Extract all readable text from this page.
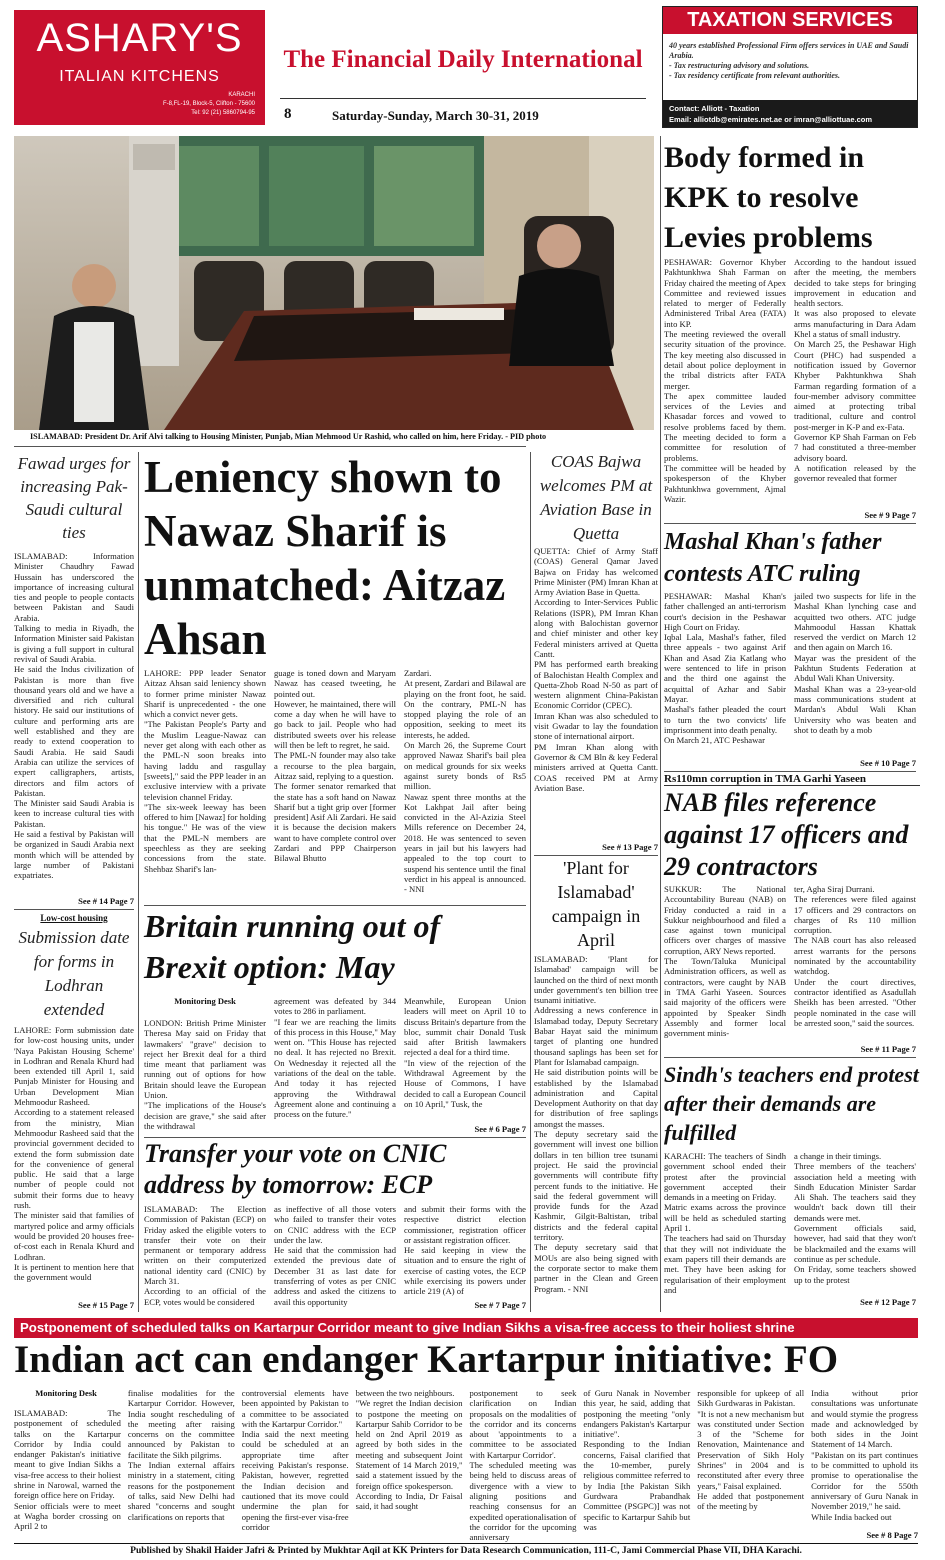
ASHARY'S
ITALIAN KITCHENS
KARACHI
F-8,FL-19, Block-5, Clifton - 75600
Tel: 92 (21) 5860794-95
The Financial Daily International
8	Saturday-Sunday, March 30-31, 2019
TAXATION SERVICES
40 years established Professional Firm offers services in UAE and Saudi Arabia.
- Tax restructuring advisory and solutions.
- Tax residency certificate from relevant authorities.
Contact: Alliott - Taxation
Email: alliotdb@emirates.net.ae or imran@alliottuae.com
ISLAMABAD: President Dr. Arif Alvi talking to Housing Minister, Punjab, Mian Mehmood Ur Rashid, who called on him, here Friday. - PID photo
Body formed in KPK to resolve Levies problems
PESHAWAR: Governor Khyber Pakhtunkhwa Shah Farman on Friday chaired the meeting of Apex Committee and reviewed issues related to merger of Federally Administered Tribal Area (FATA) into KP.
The meeting reviewed the overall security situation of the province. The key meeting also discussed in detail about police deployment in the tribal districts after FATA merger.
The apex committee lauded services of the Levies and Khasadar forces and vowed to resolve problems faced by them. The meeting decided to form a committee for resolution of problems.
The committee will be headed by spokesperson of the Khyber Pakhtunkhwa government, Ajmal Wazir.
According to the handout issued after the meeting, the members decided to take steps for bringing improvement in education and health sectors.
It was also proposed to elevate arms manufacturing in Dara Adam Khel a status of small industry.
On March 25, the Peshawar High Court (PHC) had suspended a notification issued by Governor Khyber Pakhtunkhwa Shah Farman regarding formation of a four-member advisory committee aimed at protecting tribal traditional, culture and control post-merger in K-P and ex-Fata.
Governor KP Shah Farman on Feb 7 had constituted a three-member advisory board.
A notification released by the governor revealed that former
See # 9 Page 7
Mashal Khan's father contests ATC ruling
PESHAWAR: Mashal Khan's father challenged an anti-terrorism court's decision in the Peshawar High Court on Friday.
Iqbal Lala, Mashal's father, filed three appeals - two against Arif Khan and Asad Zia Katlang who were sentenced to life in prison and the third one against the acquittal of Azhar and Sabir Mayar.
Mashal's father pleaded the court to turn the two convicts' life imprisonment into death penalty.
On March 21, ATC Peshawar
jailed two suspects for life in the Mashal Khan lynching case and acquitted two others. ATC judge Mahmoodul Hassan Khattak reserved the verdict on March 12 and then again on March 16.
Mayar was the president of the Pakhtun Students Federation at Abdul Wali Khan University.
Mashal Khan was a 23-year-old mass communications student at Mardan's Abdul Wali Khan University who was beaten and shot to death by a mob
See # 10 Page 7
Rs110mn corruption in TMA Garhi Yaseen
NAB files reference against 17 officers and 29 contractors
SUKKUR: The National Accountability Bureau (NAB) on Friday conducted a raid in a Sukkur neighbourhood and filed a case against town municipal officers over charges of massive corruption, ARY News reported.
The Town/Taluka Municipal Administration officers, as well as contractors, were caught by NAB in TMA Garhi Yaseen. Sources said majority of the officers were appointed by Speaker Sindh Assembly and former local government minis-
ter, Agha Siraj Durrani.
The references were filed against 17 officers and 29 contractors on charges of Rs 110 million corruption.
The NAB court has also released arrest warrants for the persons nominated by the accountability watchdog.
Under the court directives, contractor identified as Asadullah Sheikh has been arrested. "Other people nominated in the case will be arrested soon," said the sources.
See # 11 Page 7
Sindh's teachers end protest after their demands are fulfilled
KARACHI: The teachers of Sindh government school ended their protest after the provincial government accepted their demands in a meeting on Friday.
Matric exams across the province will be held as scheduled starting April 1.
The teachers had said on Thursday that they will not individuate the exam papers till their demands are met. They have been asking for regularisation of their employment and
a change in their timings.
Three members of the teachers' association held a meeting with Sindh Education Minister Sardar Ali Shah. The teachers said they wouldn't back down till their demands were met.
Government officials said, however, had said that they won't be blackmailed and the exams will continue as per schedule.
On Friday, some teachers showed up to the protest
See # 12 Page 7
Fawad urges for increasing Pak-Saudi cultural ties
ISLAMABAD: Information Minister Chaudhry Fawad Hussain has underscored the importance of increasing cultural ties and people to people contacts between Pakistan and Saudi Arabia.
Talking to media in Riyadh, the Information Minister said Pakistan is giving a full support in cultural revival of Saudi Arabia.
He said the Indus civilization of Pakistan is more than five thousand years old and we have a diversified and rich cultural history. He said our institutions of culture and performing arts are well established and they are ready to extend cooperation to Saudi Arabia. He said Saudi Arabia can utilize the services of expert calligraphers, artists, directors and film actors of Pakistan.
The Minister said Saudi Arabia is keen to increase cultural ties with Pakistan.
He said a festival by Pakistan will be organized in Saudi Arabia next month which will be attended by large number of Pakistani expatriates.
See # 14 Page 7
Low-cost housing
Submission date for forms in Lodhran extended
LAHORE: Form submission date for low-cost housing units, under 'Naya Pakistan Housing Scheme' in Lodhran and Renala Khurd had been extended till April 1, said Punjab Minister for Housing and Urban Development Mian Mehmoodur Rasheed.
According to a statement released from the ministry, Mian Mehmoodur Rasheed said that the provincial government decided to extend the form submission date for the convenience of general public. He said that a large number of people could not submit their forms due to heavy rush.
The minister said that families of martyred police and army officials would be provided 20 houses free-of-cost each in Renala Khurd and Lodhran.
It is pertinent to mention here that the government would
See # 15 Page 7
Leniency shown to Nawaz Sharif is unmatched: Aitzaz Ahsan
LAHORE: PPP leader Senator Aitzaz Ahsan said leniency shown to former prime minister Nawaz Sharif is unprecedented - the one which a convict never gets.
"The Pakistan People's Party and the Muslim League-Nawaz can never get along with each other as the PML-N soon breaks into having laddu and rasgullay [sweets]," said the PPP leader in an exclusive interview with a private television channel Friday.
"The six-week leeway has been offered to him [Nawaz] for holding his tongue." He was of the view that the PML-N members are speechless as they are seeking concessions from the state. Shehbaz Sharif's lan-
guage is toned down and Maryam Nawaz has ceased tweeting, he pointed out.
However, he maintained, there will come a day when he will have to go back to jail. People who had distributed sweets over his release will then be left to regret, he said.
The PML-N founder may also take a recourse to the plea bargain, Aitzaz said, replying to a question.
The former senator remarked that the state has a soft hand on Nawaz Sharif but a tight grip over [former president] Asif Ali Zardari. He said it is because the decision makers want to have complete control over Zardari and PPP Chairperson Bilawal Bhutto
Zardari.
At present, Zardari and Bilawal are playing on the front foot, he said. On the contrary, PML-N has stopped playing the role of an opposition, seeking to meet its interests, he added.
On March 26, the Supreme Court approved Nawaz Sharif's bail plea on medical grounds for six weeks against surety bonds of Rs5 million.
Nawaz spent three months at the Kot Lakhpat Jail after being convicted in the Al-Azizia Steel Mills reference on December 24, 2018. He was sentenced to seven years in jail but his lawyers had appealed to the top court to suspend his sentence until the final verdict in his appeal is announced. - NNI
Britain running out of Brexit option: May
Monitoring Desk
LONDON: British Prime Minister Theresa May said on Friday that lawmakers' "grave" decision to reject her Brexit deal for a third time meant that parliament was running out of options for how Britain should leave the European Union.
"The implications of the House's decision are grave," she said after the withdrawal
agreement was defeated by 344 votes to 286 in parliament.
"I fear we are reaching the limits of this process in this House," May went on. "This House has rejected no deal. It has rejected no Brexit. On Wednesday it rejected all the variations of the deal on the table. And today it has rejected approving the Withdrawal Agreement alone and continuing a process on the future."
Meanwhile, European Union leaders will meet on April 10 to discuss Britain's departure from the bloc, summit chair Donald Tusk said after British lawmakers rejected a deal for a third time.
"In view of the rejection of the Withdrawal Agreement by the House of Commons, I have decided to call a European Council on 10 April," Tusk, the
See # 6 Page 7
Transfer your vote on CNIC address by tomorrow: ECP
ISLAMABAD: The Election Commission of Pakistan (ECP) on Friday asked the eligible voters to transfer their vote on their permanent or temporary address written on their computerized national identity card (CNIC) by March 31.
According to an official of the ECP, votes would be considered
as ineffective of all those voters who failed to transfer their votes on CNIC address with the ECP under the law.
He said that the commission had extended the previous date of December 31 as last date for transferring of votes as per CNIC address and asked the citizens to avail this opportunity
and submit their forms with the respective district election commissioner, registration officer or assistant registration officer.
He said keeping in view the situation and to ensure the right of exercise of casting votes, the ECP while exercising its powers under article 219 (A) of
See # 7 Page 7
COAS Bajwa welcomes PM at Aviation Base in Quetta
QUETTA: Chief of Army Staff (COAS) General Qamar Javed Bajwa on Friday has welcomed Prime Minister (PM) Imran Khan at Army Aviation Base in Quetta.
According to Inter-Services Public Relations (ISPR), PM Imran Khan along with Balochistan governor and chief minister and other key Federal ministers arrived at Quetta Cantt.
PM has performed earth breaking of Balochistan Health Complex and Quetta-Zhob Road N-50 as part of western alignment China-Pakistan Economic Corridor (CPEC).
Imran Khan was also scheduled to visit Gwadar to lay the foundation stone of international airport.
PM Imran Khan along with Governor & CM Bln & key Federal ministers arrived at Quetta Cantt. COAS received PM at Army Aviation Base.
See # 13 Page 7
'Plant for Islamabad' campaign in April
ISLAMABAD: 'Plant for Islamabad' campaign will be launched on the third of next month under government's ten billion tree tsunami initiative.
Addressing a news conference in Islamabad today, Deputy Secretary Babar Hayat said the minimum target of planting one hundred thousand saplings has been set for Plant for Islamabad campaign.
He said distribution points will be established by the Islamabad administration and Capital Development Authority on that day for distribution of free saplings amongst the masses.
The deputy secretary said the government will invest one billion dollars in ten billion tree tsunami project. He said the provincial governments will contribute fifty percent funds to the initiative. He said the federal government will provide funds for the Azad Kashmir, Gilgit-Baltistan, tribal districts and the federal capital territory.
The deputy secretary said that MOUs are also being signed with the corporate sector to make them partner in the Clean and Green Program. - NNI
Postponement of scheduled talks on Kartarpur Corridor meant to give Indian Sikhs a visa-free access to their holiest shrine
Indian act can endanger Kartarpur initiative: FO
Monitoring Desk
ISLAMABAD: The postponement of scheduled talks on the Kartarpur Corridor by India could endanger Pakistan's initiative meant to give Indian Sikhs a visa-free access to their holiest shrine in Narowal, warned the foreign office here on Friday.
Senior officials were to meet at Wagha border crossing on April 2 to
finalise modalities for the Kartarpur Corridor. However, India sought rescheduling of the meeting after raising concerns on the committee announced by Pakistan to facilitate the Sikh pilgrims.
The Indian external affairs ministry in a statement, citing reasons for the postponement of talks, said New Delhi had shared "concerns and sought clarifications on reports that
controversial elements have been appointed by Pakistan to a committee to be associated with the Kartarpur Corridor."
India said the next meeting could be scheduled at an appropriate time after receiving Pakistan's response. Pakistan, however, regretted the Indian decision and cautioned that its move could undermine the plan for opening the first-ever visa-free corridor
between the two neighbours.
"We regret the Indian decision to postpone the meeting on Kartarpur Sahib Corridor to be held on 2nd April 2019 as agreed by both sides in the meeting and subsequent Joint Statement of 14 March 2019," said a statement issued by the foreign office spokesperson.
According to India, Dr Faisal said, it had sought
postponement to seek clarification on Indian proposals on the modalities of the corridor and its concerns about 'appointments to a committee to be associated with Kartarpur Corridor'.
The scheduled meeting was being held to discuss areas of divergence with a view to aligning positions and reaching consensus for an expedited operationalisation of the corridor for the upcoming anniversary
of Guru Nanak in November this year, he said, adding that postponing the meeting "only endangers Pakistan's Kartarpur initiative".
Responding to the Indian concerns, Faisal clarified that the 10-member, purely religious committee referred to by India [the Pakistan Sikh Gurdwara Prabandhak Committee (PSGPC)] was not specific to Kartarpur Sahib but was
responsible for upkeep of all Sikh Gurdwaras in Pakistan.
"It is not a new mechanism but was constituted under Section 3 of the "Scheme for Renovation, Maintenance and Preservation of Sikh Holy Shrines" in 2004 and is reconstituted after every three years," Faisal explained.
He added that postponement of the meeting by
India without prior consultations was unfortunate and would stymie the progress made and acknowledged by both sides in the Joint Statement of 14 March.
"Pakistan on its part continues to be committed to uphold its promise to operationalise the Corridor for the 550th anniversary of Guru Nanak in November 2019," he said.
While India backed out
See # 8 Page 7
Published by Shakil Haider Jafri & Printed by Mukhtar Aqil at KK Printers for Data Research Communication, 111-C, Jami Commercial Phase VII, DHA Karachi.
